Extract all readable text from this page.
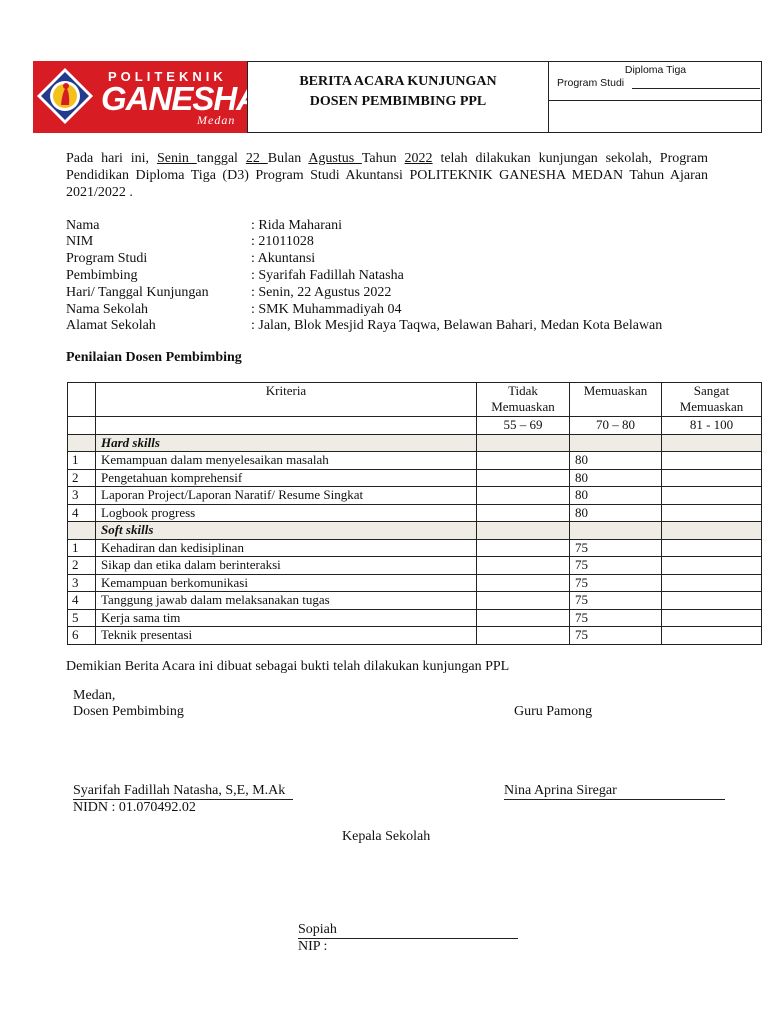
POLITEKNIK
GANESHA
Medan
BERITA ACARA KUNJUNGAN
DOSEN PEMBIMBING PPL
Diploma Tiga
Program Studi
Pada hari ini, Senin tanggal 22 Bulan Agustus Tahun 2022 telah dilakukan kunjungan sekolah, Program Pendidikan Diploma Tiga (D3) Program Studi Akuntansi POLITEKNIK GANESHA MEDAN Tahun Ajaran 2021/2022 .
Nama	: Rida Maharani
NIM	: 21011028
Program Studi	: Akuntansi
Pembimbing	: Syarifah Fadillah Natasha
Hari/ Tanggal Kunjungan	: Senin, 22 Agustus 2022
Nama Sekolah	: SMK Muhammadiyah 04
Alamat Sekolah	: Jalan, Blok Mesjid Raya Taqwa, Belawan Bahari, Medan Kota Belawan
Penilaian Dosen Pembimbing
	Kriteria	Tidak Memuaskan	Memuaskan	Sangat Memuaskan
		55 – 69	70 – 80	81 - 100
	Hard skills			
1	Kemampuan dalam menyelesaikan masalah		80	
2	Pengetahuan komprehensif		80	
3	Laporan Project/Laporan Naratif/ Resume Singkat		80	
4	Logbook progress		80	
	Soft skills			
1	Kehadiran dan kedisiplinan		75	
2	Sikap dan etika dalam berinteraksi		75	
3	Kemampuan berkomunikasi		75	
4	Tanggung jawab dalam melaksanakan tugas		75	
5	Kerja sama tim		75	
6	Teknik presentasi		75	
Demikian Berita Acara ini dibuat sebagai bukti telah dilakukan kunjungan PPL
Medan,
Dosen Pembimbing	Guru Pamong
Syarifah Fadillah Natasha, S,E, M.Ak
NIDN : 01.070492.02
Nina Aprina Siregar
Kepala Sekolah
Sopiah
NIP :
